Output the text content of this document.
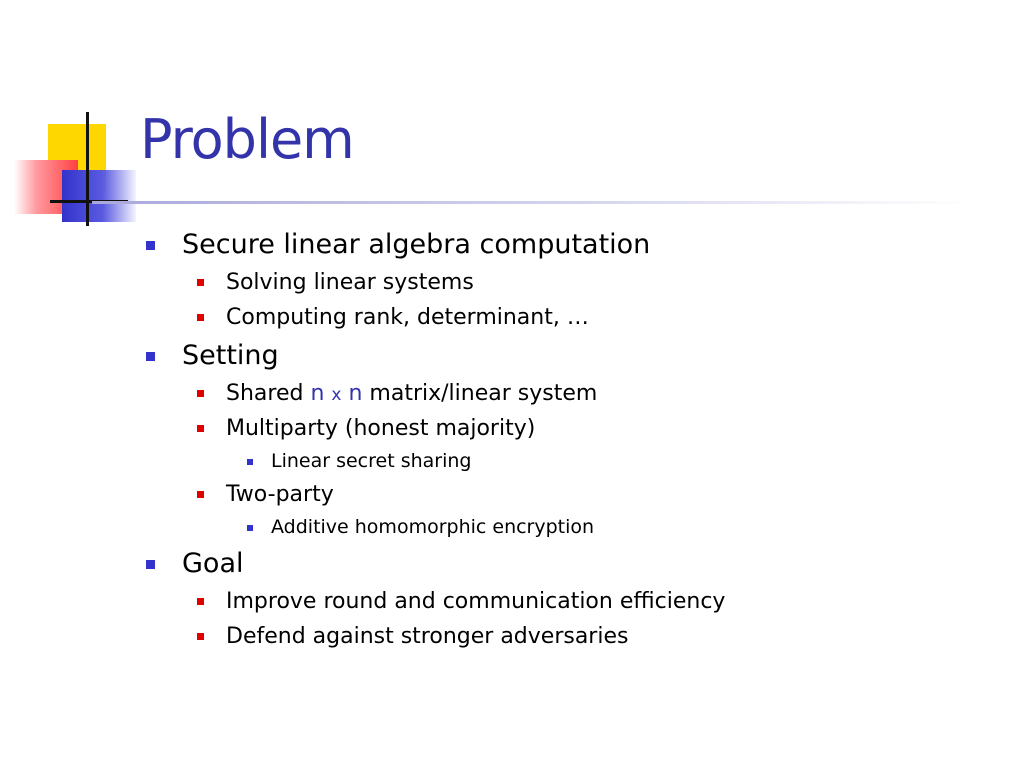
Problem
Secure linear algebra computation
Solving linear systems
Computing rank, determinant, …
Setting
Shared n x n matrix/linear system
Multiparty (honest majority)
Linear secret sharing
Two-party
Additive homomorphic encryption
Goal
Improve round and communication efficiency
Defend against stronger adversaries
